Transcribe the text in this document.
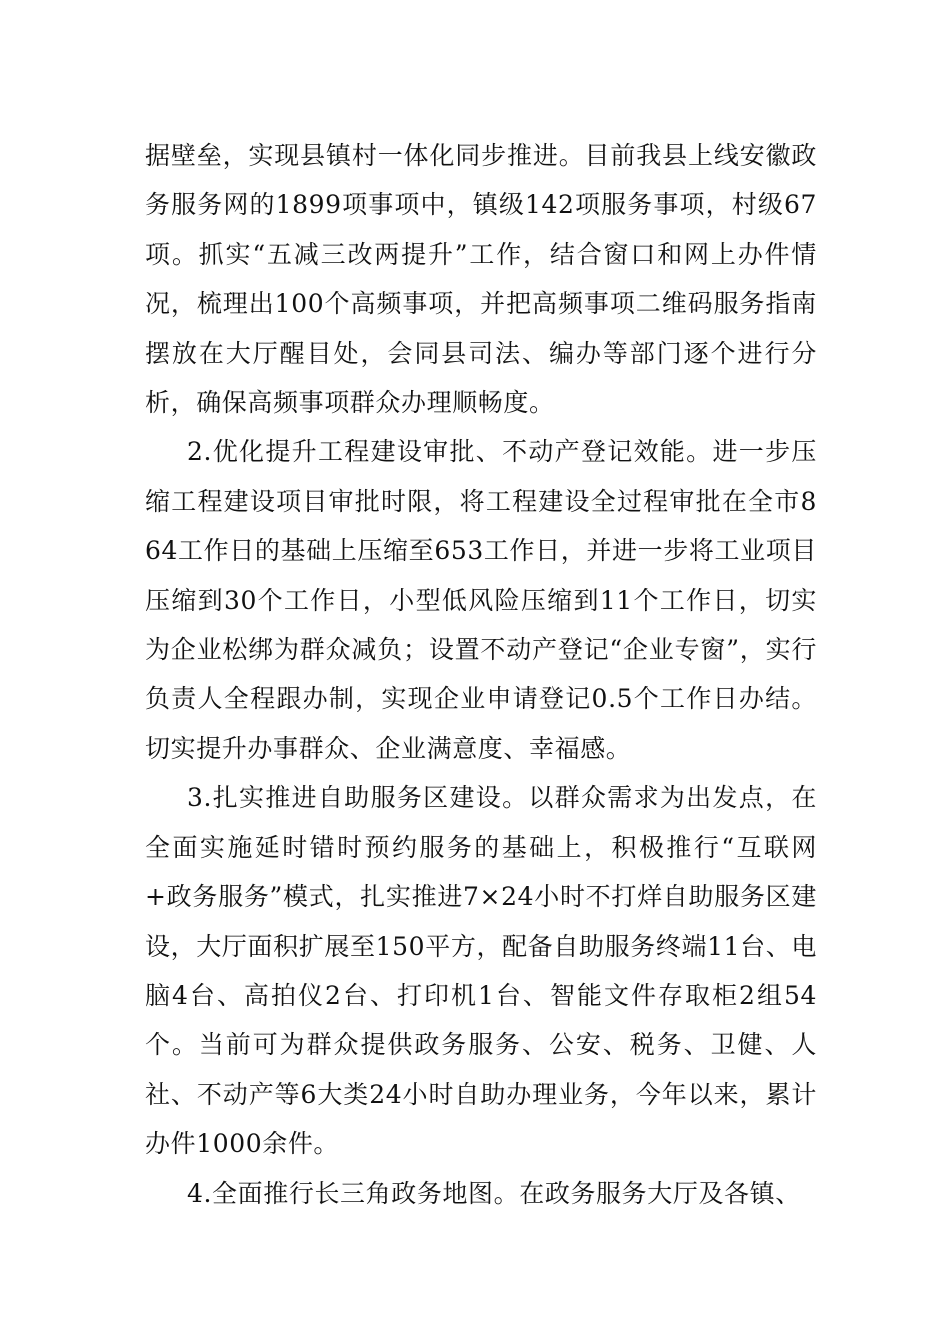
据壁垒，实现县镇村一体化同步推进。目前我县上线安徽政务服务网的1899项事项中，镇级142项服务事项，村级67项。抓实“五减三改两提升”工作，结合窗口和网上办件情况，梳理出100个高频事项，并把高频事项二维码服务指南摆放在大厅醒目处，会同县司法、编办等部门逐个进行分析，确保高频事项群众办理顺畅度。

2.优化提升工程建设审批、不动产登记效能。进一步压缩工程建设项目审批时限，将工程建设全过程审批在全市864工作日的基础上压缩至653工作日，并进一步将工业项目压缩到30个工作日，小型低风险压缩到11个工作日，切实为企业松绑为群众减负；设置不动产登记“企业专窗”，实行负责人全程跟办制，实现企业申请登记0.5个工作日办结。切实提升办事群众、企业满意度、幸福感。

3.扎实推进自助服务区建设。以群众需求为出发点，在全面实施延时错时预约服务的基础上，积极推行“互联网+政务服务”模式，扎实推进7×24小时不打烊自助服务区建设，大厅面积扩展至150平方，配备自助服务终端11台、电脑4台、高拍仪2台、打印机1台、智能文件存取柜2组54个。当前可为群众提供政务服务、公安、税务、卫健、人社、不动产等6大类24小时自助办理业务，今年以来，累计办件1000余件。

4.全面推行长三角政务地图。在政务服务大厅及各镇、
